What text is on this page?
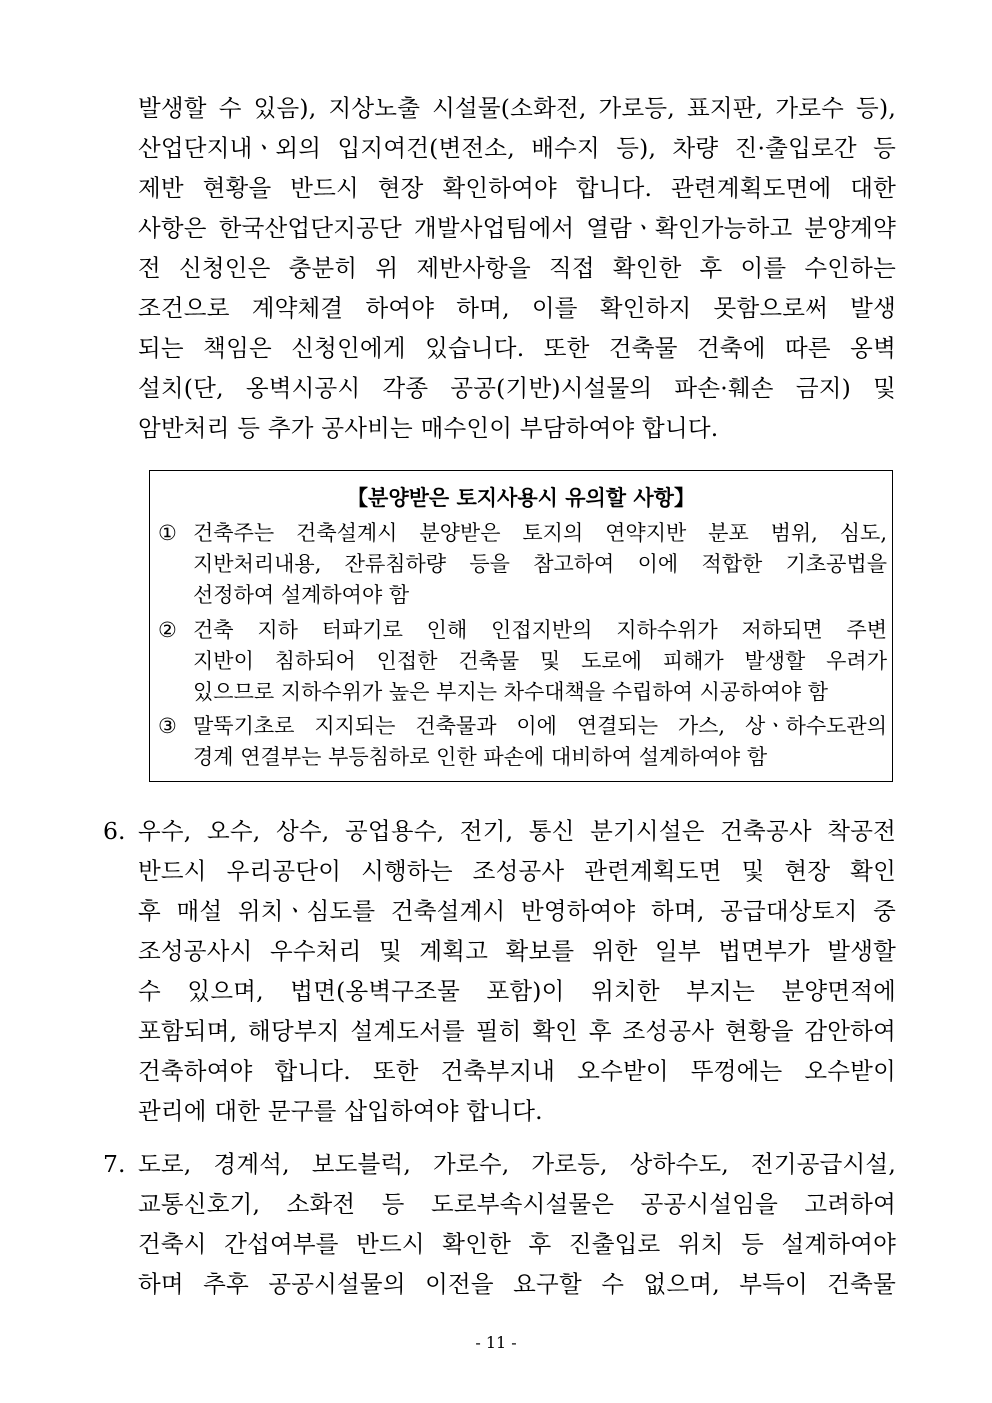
발생할 수 있음), 지상노출 시설물(소화전, 가로등, 표지판, 가로수 등),
산업단지내ㆍ외의 입지여건(변전소, 배수지 등), 차량 진·출입로간 등
제반 현황을 반드시 현장 확인하여야 합니다. 관련계획도면에 대한
사항은 한국산업단지공단 개발사업팀에서 열람ㆍ확인가능하고 분양계약
전 신청인은 충분히 위 제반사항을 직접 확인한 후 이를 수인하는
조건으로 계약체결 하여야 하며, 이를 확인하지 못함으로써 발생
되는 책임은 신청인에게 있습니다. 또한 건축물 건축에 따른 옹벽
설치(단, 옹벽시공시 각종 공공(기반)시설물의 파손·훼손 금지) 및
암반처리 등 추가 공사비는 매수인이 부담하여야 합니다.
【분양받은 토지사용시 유의할 사항】
① 건축주는 건축설계시 분양받은 토지의 연약지반 분포 범위, 심도,
지반처리내용, 잔류침하량 등을 참고하여 이에 적합한 기초공법을
선정하여 설계하여야 함
② 건축 지하 터파기로 인해 인접지반의 지하수위가 저하되면 주변
지반이 침하되어 인접한 건축물 및 도로에 피해가 발생할 우려가
있으므로 지하수위가 높은 부지는 차수대책을 수립하여 시공하여야 함
③ 말뚝기초로 지지되는 건축물과 이에 연결되는 가스, 상ㆍ하수도관의
경계 연결부는 부등침하로 인한 파손에 대비하여 설계하여야 함
6. 우수, 오수, 상수, 공업용수, 전기, 통신 분기시설은 건축공사 착공전
반드시 우리공단이 시행하는 조성공사 관련계획도면 및 현장 확인
후 매설 위치ㆍ심도를 건축설계시 반영하여야 하며, 공급대상토지 중
조성공사시 우수처리 및 계획고 확보를 위한 일부 법면부가 발생할
수 있으며, 법면(옹벽구조물 포함)이 위치한 부지는 분양면적에
포함되며, 해당부지 설계도서를 필히 확인 후 조성공사 현황을 감안하여
건축하여야 합니다. 또한 건축부지내 오수받이 뚜껑에는 오수받이
관리에 대한 문구를 삽입하여야 합니다.
7. 도로, 경계석, 보도블럭, 가로수, 가로등, 상하수도, 전기공급시설,
교통신호기, 소화전 등 도로부속시설물은 공공시설임을 고려하여
건축시 간섭여부를 반드시 확인한 후 진출입로 위치 등 설계하여야
하며 추후 공공시설물의 이전을 요구할 수 없으며, 부득이 건축물
- 11 -
